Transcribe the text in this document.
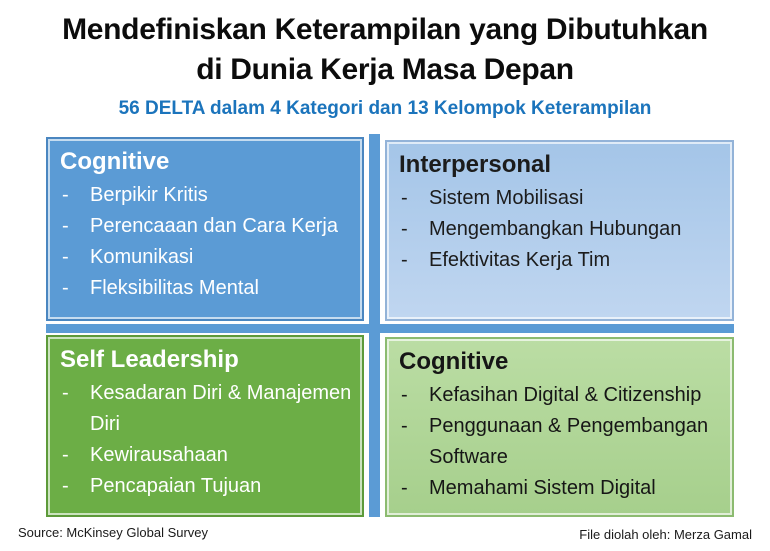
Mendefiniskan Keterampilan yang Dibutuhkan
di Dunia Kerja Masa Depan
56 DELTA dalam 4 Kategori dan 13 Kelompok Keterampilan
Cognitive
- Berpikir Kritis
- Perencaaan dan Cara Kerja
- Komunikasi
- Fleksibilitas Mental
Interpersonal
- Sistem Mobilisasi
- Mengembangkan Hubungan
- Efektivitas Kerja Tim
Self Leadership
- Kesadaran Diri & Manajemen Diri
- Kewirausahaan
- Pencapaian Tujuan
Cognitive
- Kefasihan Digital & Citizenship
- Penggunaan & Pengembangan Software
- Memahami Sistem Digital
Source: McKinsey Global Survey	File diolah oleh: Merza Gamal
